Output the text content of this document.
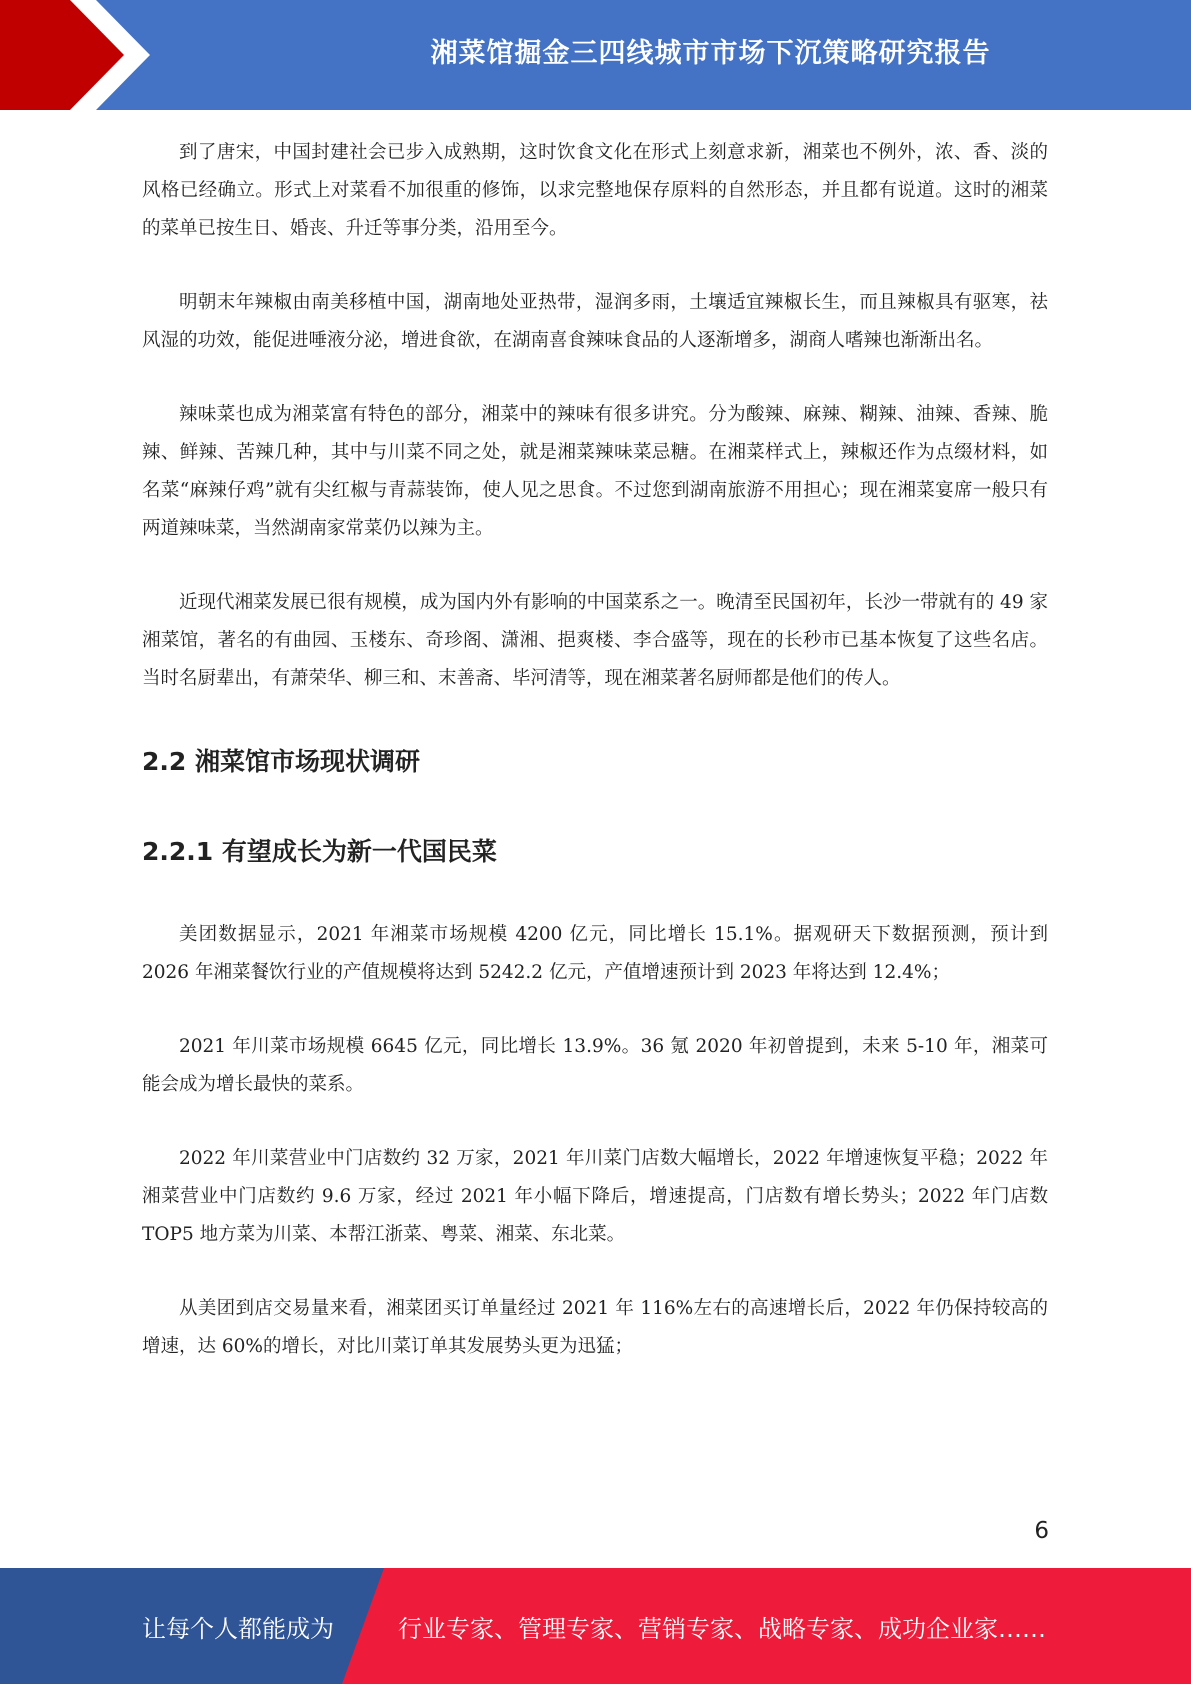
湘菜馆掘金三四线城市市场下沉策略研究报告

到了唐宋，中国封建社会已步入成熟期，这时饮食文化在形式上刻意求新，湘菜也不例外，浓、香、淡的风格已经确立。形式上对菜看不加很重的修饰，以求完整地保存原料的自然形态，并且都有说道。这时的湘菜的菜单已按生日、婚丧、升迁等事分类，沿用至今。

明朝末年辣椒由南美移植中国，湖南地处亚热带，湿润多雨，土壤适宜辣椒长生，而且辣椒具有驱寒，祛风湿的功效，能促进唾液分泌，增进食欲，在湖南喜食辣味食品的人逐渐增多，湖商人嗜辣也渐渐出名。

辣味菜也成为湘菜富有特色的部分，湘菜中的辣味有很多讲究。分为酸辣、麻辣、糊辣、油辣、香辣、脆辣、鲜辣、苦辣几种，其中与川菜不同之处，就是湘菜辣味菜忌糖。在湘菜样式上，辣椒还作为点缀材料，如名菜“麻辣仔鸡”就有尖红椒与青蒜装饰，使人见之思食。不过您到湖南旅游不用担心；现在湘菜宴席一般只有两道辣味菜，当然湖南家常菜仍以辣为主。

近现代湘菜发展已很有规模，成为国内外有影响的中国菜系之一。晚清至民国初年，长沙一带就有的 49 家湘菜馆，著名的有曲园、玉楼东、奇珍阁、潇湘、挹爽楼、李合盛等，现在的长秒市已基本恢复了这些名店。当时名厨辈出，有萧荣华、柳三和、末善斋、毕河清等，现在湘菜著名厨师都是他们的传人。

2.2 湘菜馆市场现状调研
2.2.1 有望成长为新一代国民菜

美团数据显示，2021 年湘菜市场规模 4200 亿元，同比增长 15.1%。据观研天下数据预测，预计到 2026 年湘菜餐饮行业的产值规模将达到 5242.2 亿元，产值增速预计到 2023 年将达到 12.4%；

2021 年川菜市场规模 6645 亿元，同比增长 13.9%。36 氪 2020 年初曾提到，未来 5-10 年，湘菜可能会成为增长最快的菜系。

2022 年川菜营业中门店数约 32 万家，2021 年川菜门店数大幅增长，2022 年增速恢复平稳；2022 年湘菜营业中门店数约 9.6 万家，经过 2021 年小幅下降后，增速提高，门店数有增长势头；2022 年门店数 TOP5 地方菜为川菜、本帮江浙菜、粤菜、湘菜、东北菜。

从美团到店交易量来看，湘菜团买订单量经过 2021 年 116%左右的高速增长后，2022 年仍保持较高的增速，达 60%的增长，对比川菜订单其发展势头更为迅猛；

6
让每个人都能成为	行业专家、管理专家、营销专家、战略专家、成功企业家……
